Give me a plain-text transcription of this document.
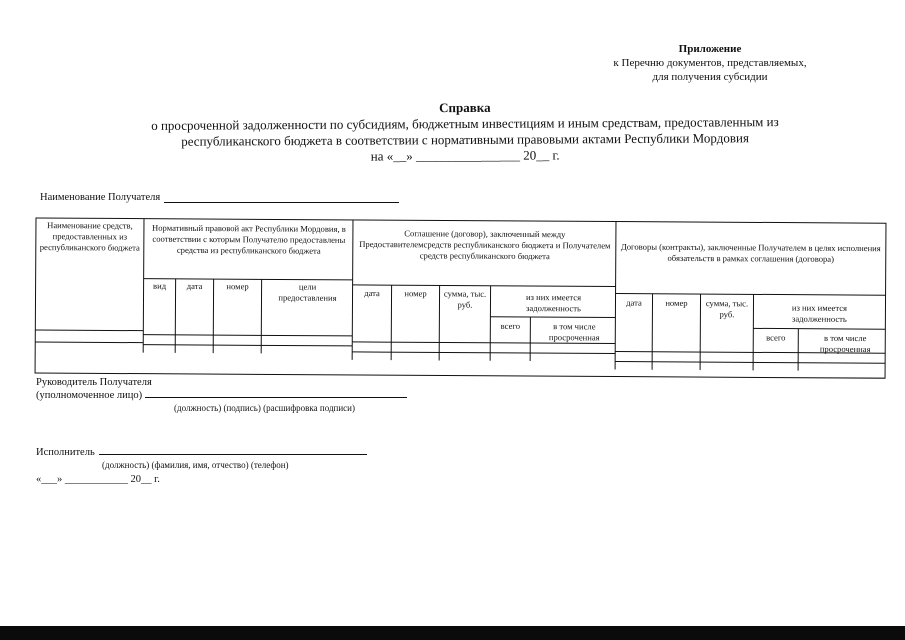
Приложение
к Перечню документов, представляемых,
для получения субсидии
Справка
о просроченной задолженности по субсидиям, бюджетным инвестициям и иным средствам, предоставленным из
республиканского бюджета в соответствии с нормативными правовыми актами Республики Мордовия
на «__» ________________ 20__ г.
Наименование Получателя
Наименование средств, предоставленных из республиканского бюджета
Нормативный правовой акт Республики Мордовия, в соответствии с которым Получателю предоставлены средства из республиканского бюджета
вид	дата	номер	цели предоставления
Соглашение (договор), заключенный между Предоставителемсредств республиканского бюджета и Получателем средств республиканского бюджета
дата	номер	сумма, тыс. руб.
из них имеется задолженность
всего	в том числе просроченная
Договоры (контракты), заключенные Получателем в целях исполнения обязательств в рамках соглашения (договора)
дата	номер	сумма, тыс. руб.
из них имеется задолженность
всего	в том числе просроченная
Руководитель Получателя
(уполномоченное лицо)
(должность) (подпись) (расшифровка подписи)
Исполнитель
(должность) (фамилия, имя, отчество) (телефон)
«___» ____________ 20__ г.
